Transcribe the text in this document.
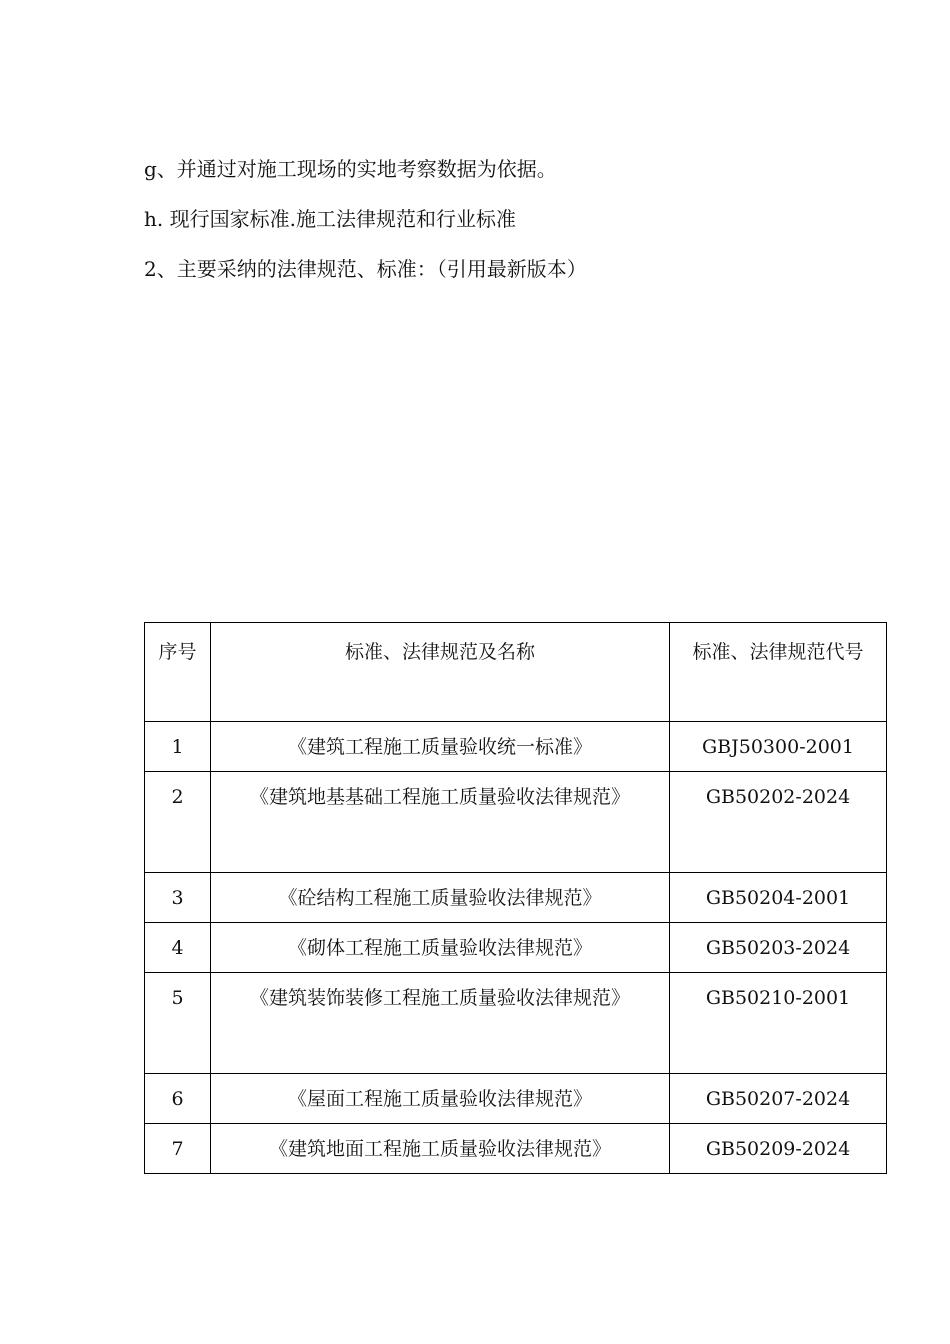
g、并通过对施工现场的实地考察数据为依据。

h. 现行国家标准.施工法律规范和行业标准

2、主要采纳的法律规范、标准：（引用最新版本）

序号	标准、法律规范及名称	标准、法律规范代号
1	《建筑工程施工质量验收统一标准》	GBJ50300-2001
2	《建筑地基基础工程施工质量验收法律规范》	GB50202-2024
3	《砼结构工程施工质量验收法律规范》	GB50204-2001
4	《砌体工程施工质量验收法律规范》	GB50203-2024
5	《建筑装饰装修工程施工质量验收法律规范》	GB50210-2001
6	《屋面工程施工质量验收法律规范》	GB50207-2024
7	《建筑地面工程施工质量验收法律规范》	GB50209-2024
